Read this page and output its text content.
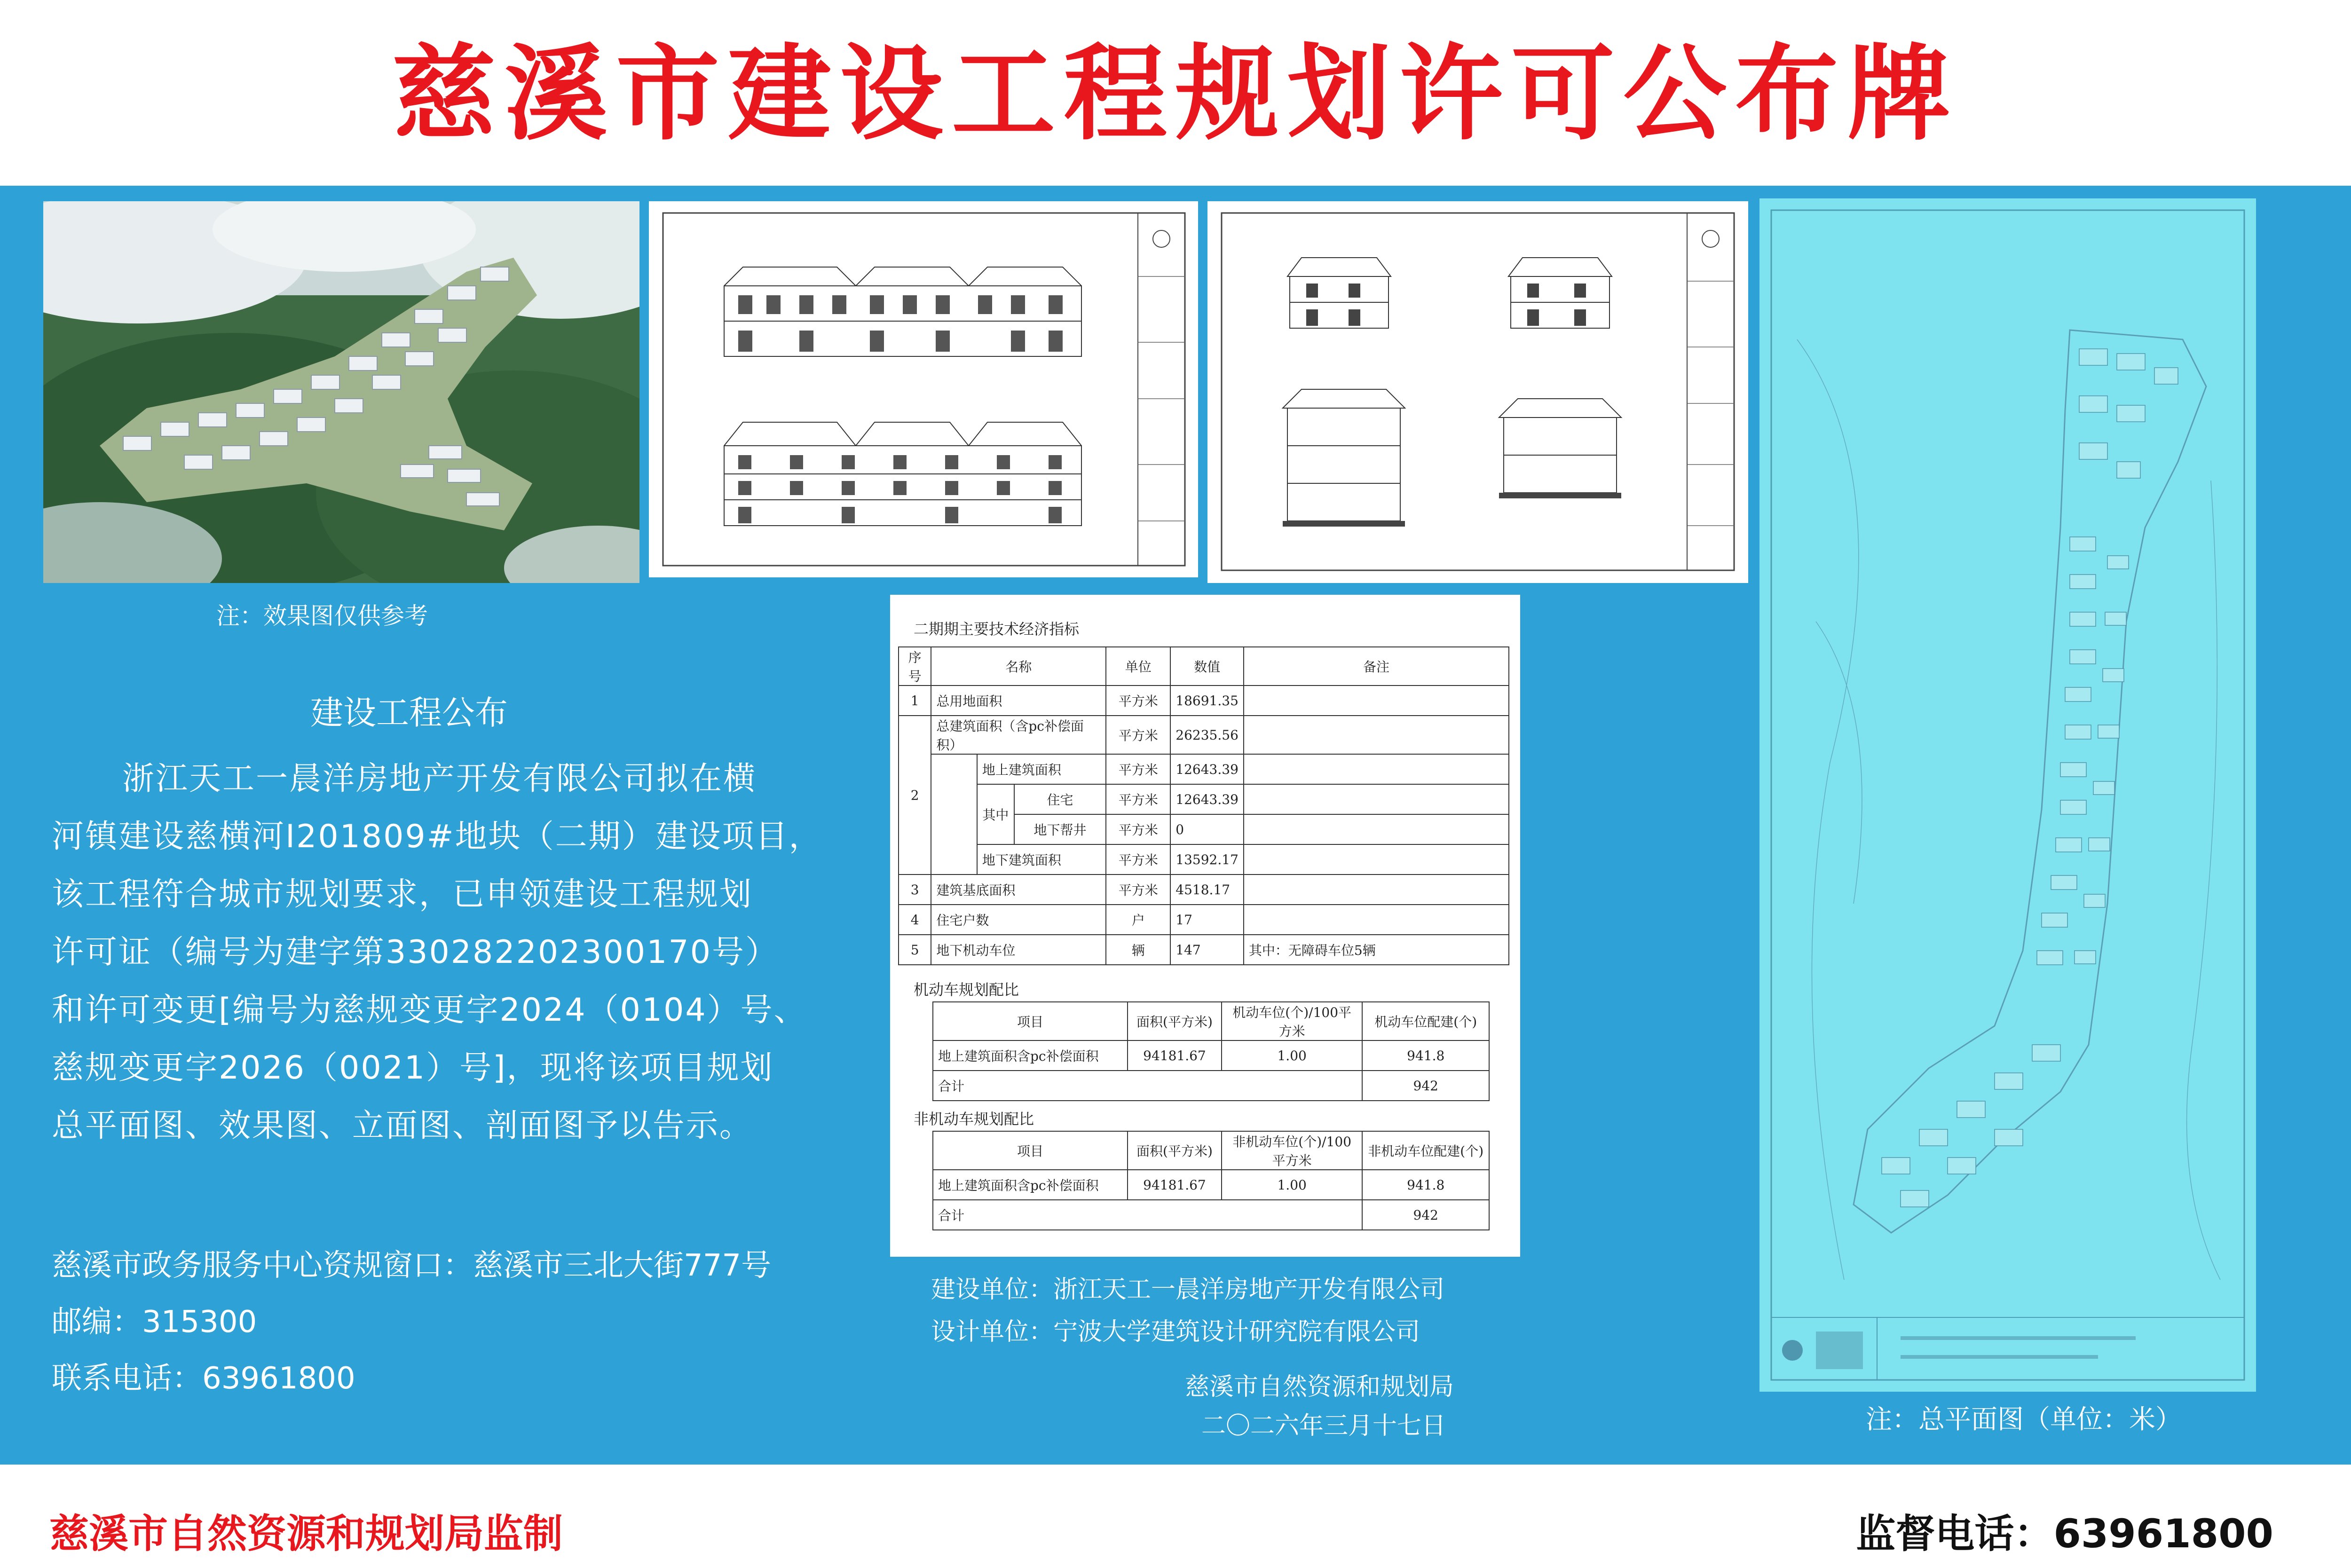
慈溪市建设工程规划许可公布牌
注：效果图仅供参考
注：总平面图（单位：米）
建设工程公布

浙江天工一晨洋房地产开发有限公司拟在横

河镇建设慈横河I201809#地块（二期）建设项目，
该工程符合城市规划要求，已申领建设工程规划
许可证（编号为建字第330282202300170号）
和许可变更[编号为慈规变更字2024（0104）号、
慈规变更字2026（0021）号]，现将该项目规划
总平面图、效果图、立面图、剖面图予以告示。
慈溪市政务服务中心资规窗口：慈溪市三北大街777号
邮编：315300
联系电话：63961800
二期期主要技术经济指标
序号	名称			单位	数值	备注
1	总用地面积			平方米	18691.35	
2	总建筑面积（含pc补偿面积）			平方米	26235.56	
		地上建筑面积		平方米	12643.39	
		其中	住宅	平方米	12643.39	
			地下帮井	平方米	0	
		地下建筑面积		平方米	13592.17	
3	建筑基底面积			平方米	4518.17	
4	住宅户数			户	17	
5	地下机动车位			辆	147	其中：无障碍车位5辆
机动车规划配比
项目	面积(平方米)	机动车位(个)/100平方米	机动车位配建(个)
地上建筑面积含pc补偿面积	94181.67	1.00	941.8
合计			942
非机动车规划配比
项目	面积(平方米)	非机动车位(个)/100平方米	非机动车位配建(个)
地上建筑面积含pc补偿面积	94181.67	1.00	941.8
合计			942
建设单位：浙江天工一晨洋房地产开发有限公司
设计单位：宁波大学建筑设计研究院有限公司
慈溪市自然资源和规划局
二〇二六年三月十七日
慈溪市自然资源和规划局监制	监督电话：63961800
